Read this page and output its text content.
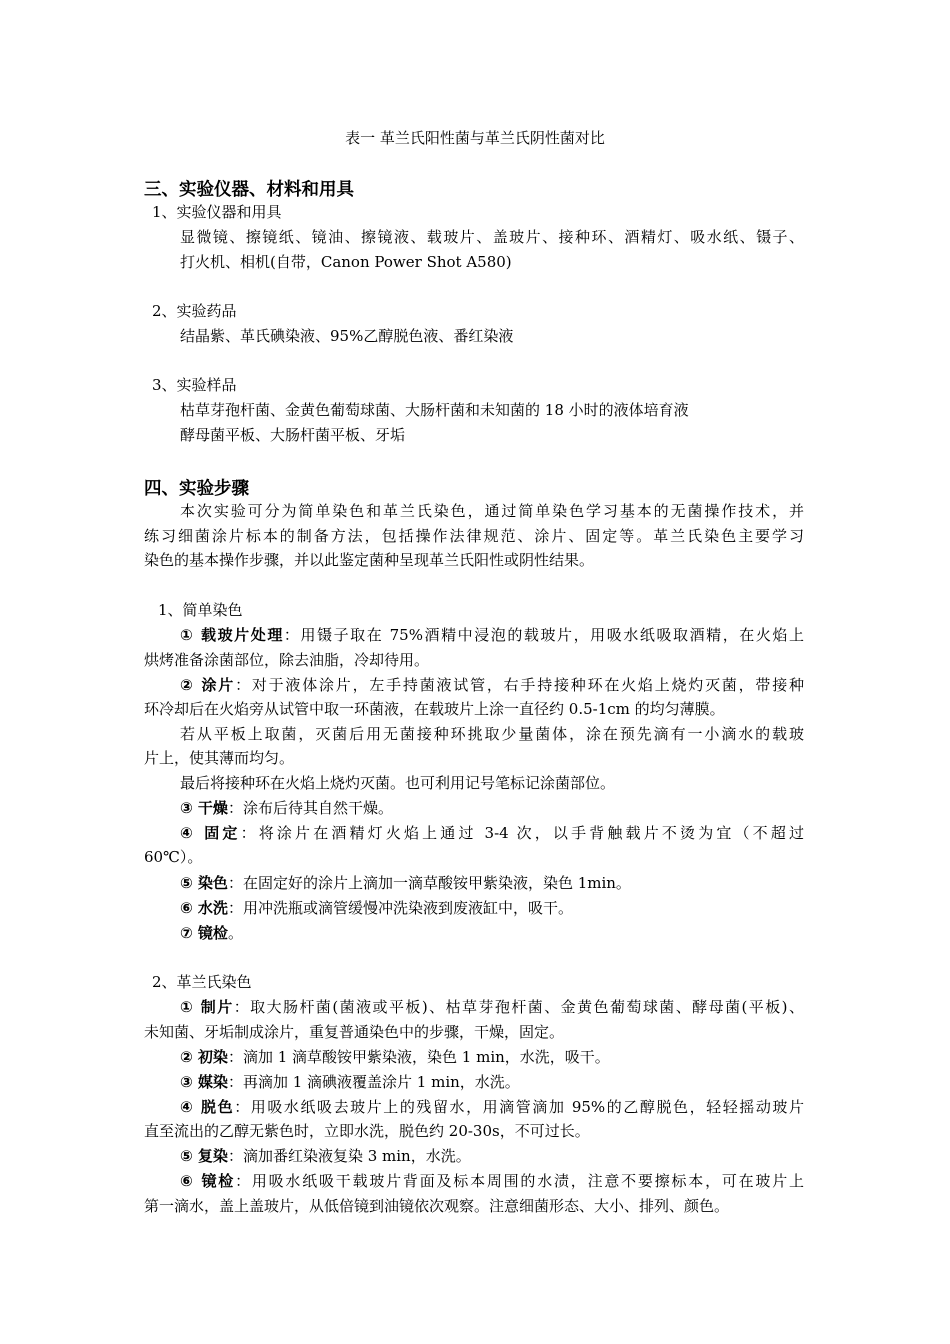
表一 革兰氏阳性菌与革兰氏阴性菌对比
三、实验仪器、材料和用具
1、实验仪器和用具
显微镜、擦镜纸、镜油、擦镜液、载玻片、盖玻片、接种环、酒精灯、吸水纸、镊子、
打火机、相机(自带，Canon Power Shot A580)
2、实验药品
结晶紫、革氏碘染液、95%乙醇脱色液、番红染液
3、实验样品
枯草芽孢杆菌、金黄色葡萄球菌、大肠杆菌和未知菌的 18 小时的液体培育液
酵母菌平板、大肠杆菌平板、牙垢
四、实验步骤
本次实验可分为简单染色和革兰氏染色，通过简单染色学习基本的无菌操作技术，并
练习细菌涂片标本的制备方法，包括操作法律规范、涂片、固定等。革兰氏染色主要学习
染色的基本操作步骤，并以此鉴定菌种呈现革兰氏阳性或阴性结果。
1、简单染色
① 载玻片处理：用镊子取在 75%酒精中浸泡的载玻片，用吸水纸吸取酒精，在火焰上
烘烤准备涂菌部位，除去油脂，冷却待用。
② 涂片：对于液体涂片，左手持菌液试管，右手持接种环在火焰上烧灼灭菌，带接种
环冷却后在火焰旁从试管中取一环菌液，在载玻片上涂一直径约 0.5-1cm 的均匀薄膜。
若从平板上取菌，灭菌后用无菌接种环挑取少量菌体，涂在预先滴有一小滴水的载玻
片上，使其薄而均匀。
最后将接种环在火焰上烧灼灭菌。也可利用记号笔标记涂菌部位。
③ 干燥：涂布后待其自然干燥。
④ 固定：将涂片在酒精灯火焰上通过 3-4 次，以手背触载片不烫为宜（不超过
60℃）。
⑤ 染色：在固定好的涂片上滴加一滴草酸铵甲紫染液，染色 1min。
⑥ 水洗：用冲洗瓶或滴管缓慢冲洗染液到废液缸中，吸干。
⑦ 镜检。
2、革兰氏染色
① 制片：取大肠杆菌(菌液或平板)、枯草芽孢杆菌、金黄色葡萄球菌、酵母菌(平板)、
未知菌、牙垢制成涂片，重复普通染色中的步骤，干燥，固定。
② 初染：滴加 1 滴草酸铵甲紫染液，染色 1 min，水洗，吸干。
③ 媒染：再滴加 1 滴碘液覆盖涂片 1 min，水洗。
④ 脱色：用吸水纸吸去玻片上的残留水，用滴管滴加 95%的乙醇脱色，轻轻摇动玻片
直至流出的乙醇无紫色时，立即水洗，脱色约 20-30s，不可过长。
⑤ 复染：滴加番红染液复染 3 min，水洗。
⑥ 镜检：用吸水纸吸干载玻片背面及标本周围的水渍，注意不要擦标本，可在玻片上
第一滴水，盖上盖玻片，从低倍镜到油镜依次观察。注意细菌形态、大小、排列、颜色。
